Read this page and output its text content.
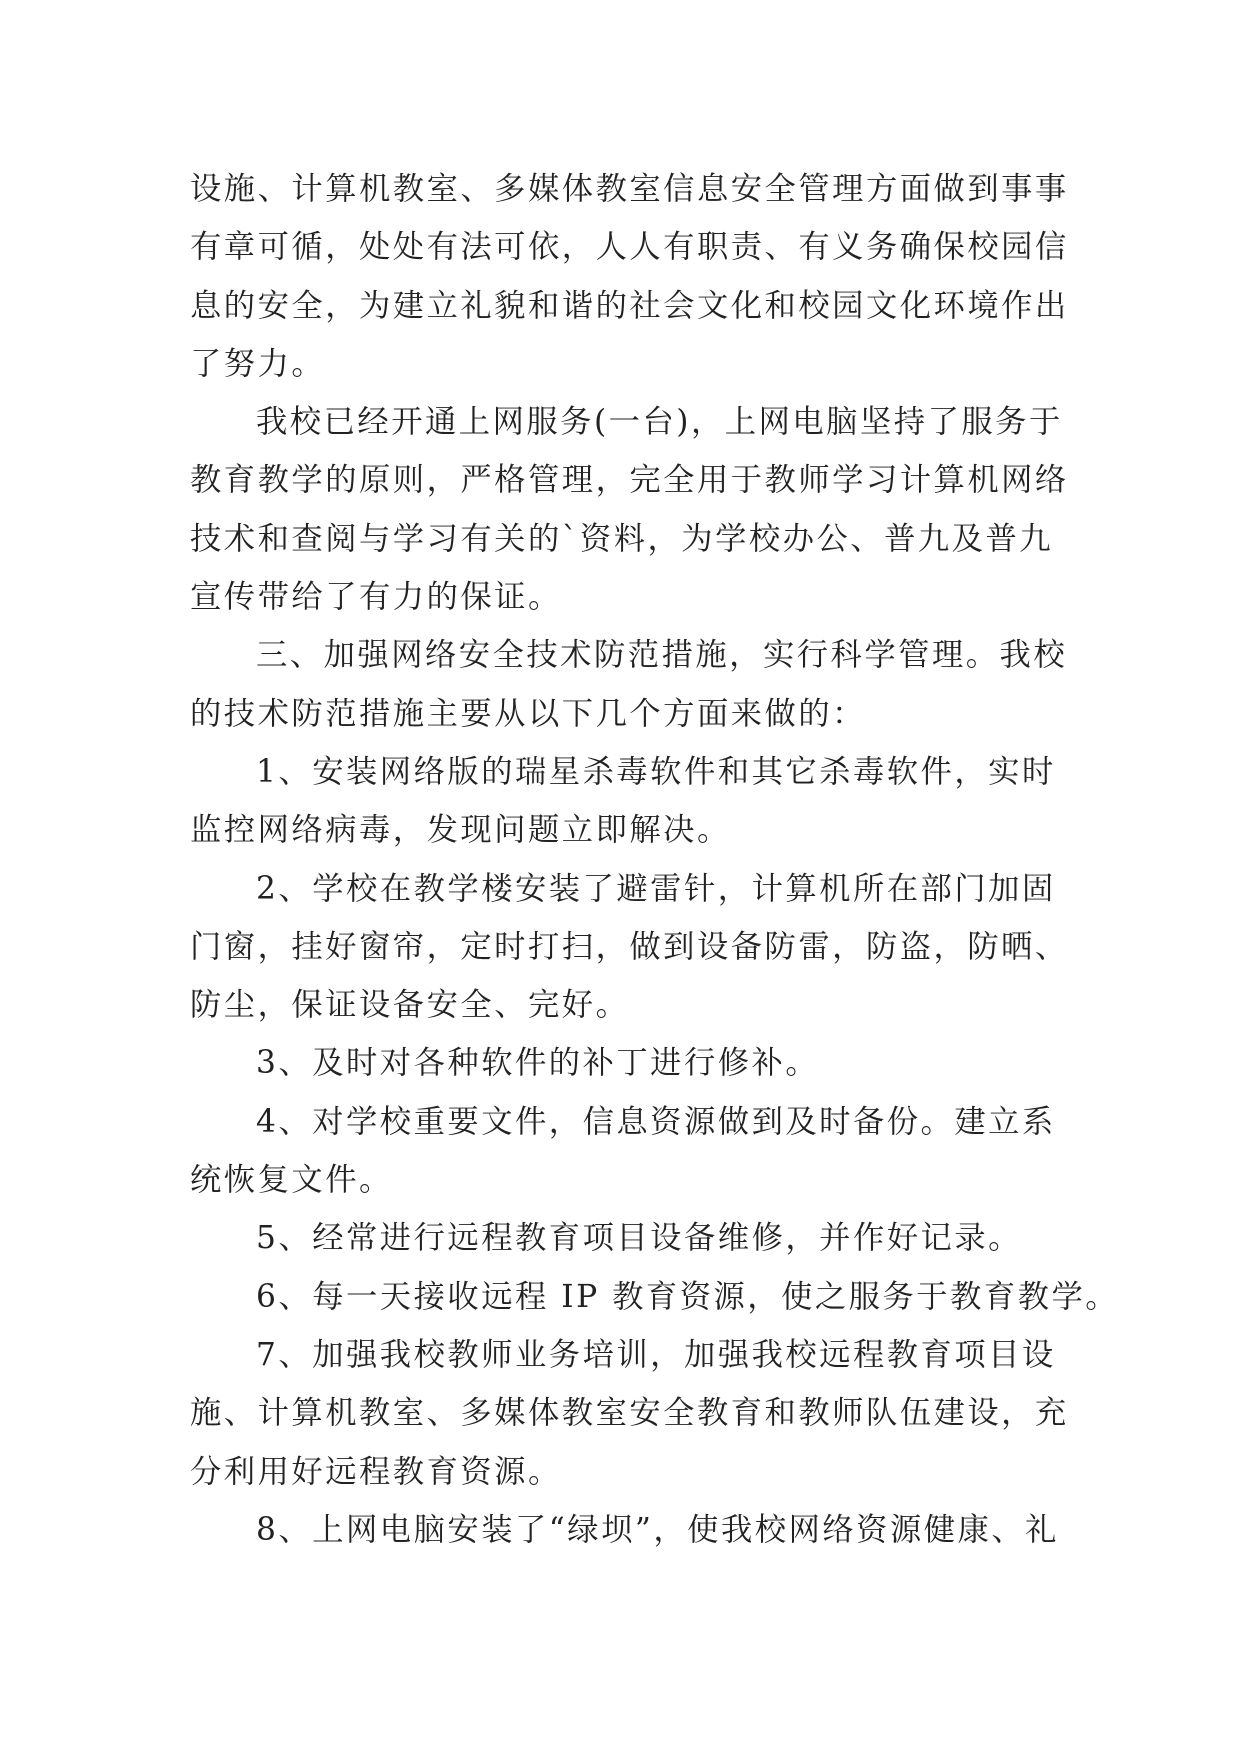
设施、计算机教室、多媒体教室信息安全管理方面做到事事
有章可循，处处有法可依，人人有职责、有义务确保校园信
息的安全，为建立礼貌和谐的社会文化和校园文化环境作出
了努力。
我校已经开通上网服务(一台)，上网电脑坚持了服务于
教育教学的原则，严格管理，完全用于教师学习计算机网络
技术和查阅与学习有关的`资料，为学校办公、普九及普九
宣传带给了有力的保证。
三、加强网络安全技术防范措施，实行科学管理。我校
的技术防范措施主要从以下几个方面来做的：
1、安装网络版的瑞星杀毒软件和其它杀毒软件，实时
监控网络病毒，发现问题立即解决。
2、学校在教学楼安装了避雷针，计算机所在部门加固
门窗，挂好窗帘，定时打扫，做到设备防雷，防盗，防晒、
防尘，保证设备安全、完好。
3、及时对各种软件的补丁进行修补。
4、对学校重要文件，信息资源做到及时备份。建立系
统恢复文件。
5、经常进行远程教育项目设备维修，并作好记录。
6、每一天接收远程 IP 教育资源，使之服务于教育教学。
7、加强我校教师业务培训，加强我校远程教育项目设
施、计算机教室、多媒体教室安全教育和教师队伍建设，充
分利用好远程教育资源。
8、上网电脑安装了“绿坝”，使我校网络资源健康、礼
